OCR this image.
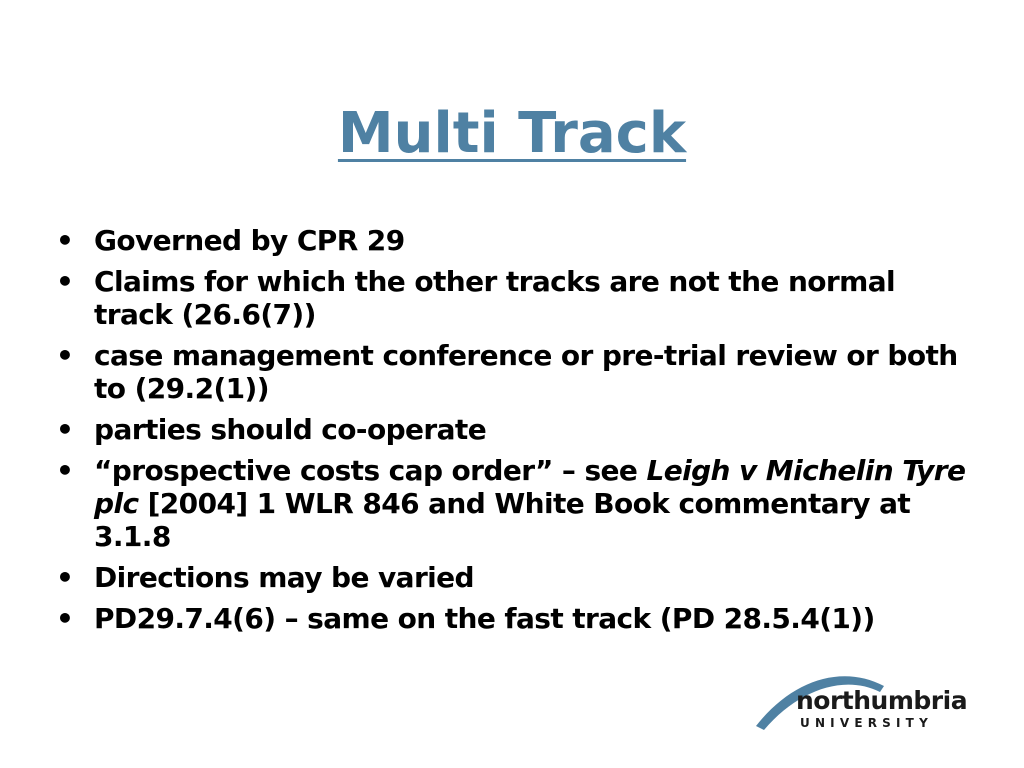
Multi Track
• Governed by CPR 29
• Claims for which the other tracks are not the normal track (26.6(7))
• case management conference or pre-trial review or both to (29.2(1))
• parties should co-operate
• “prospective costs cap order” – see Leigh v Michelin Tyre plc [2004] 1 WLR 846 and White Book commentary at 3.1.8
• Directions may be varied
• PD29.7.4(6) – same on the fast track (PD 28.5.4(1))
northumbria
UNIVERSITY
